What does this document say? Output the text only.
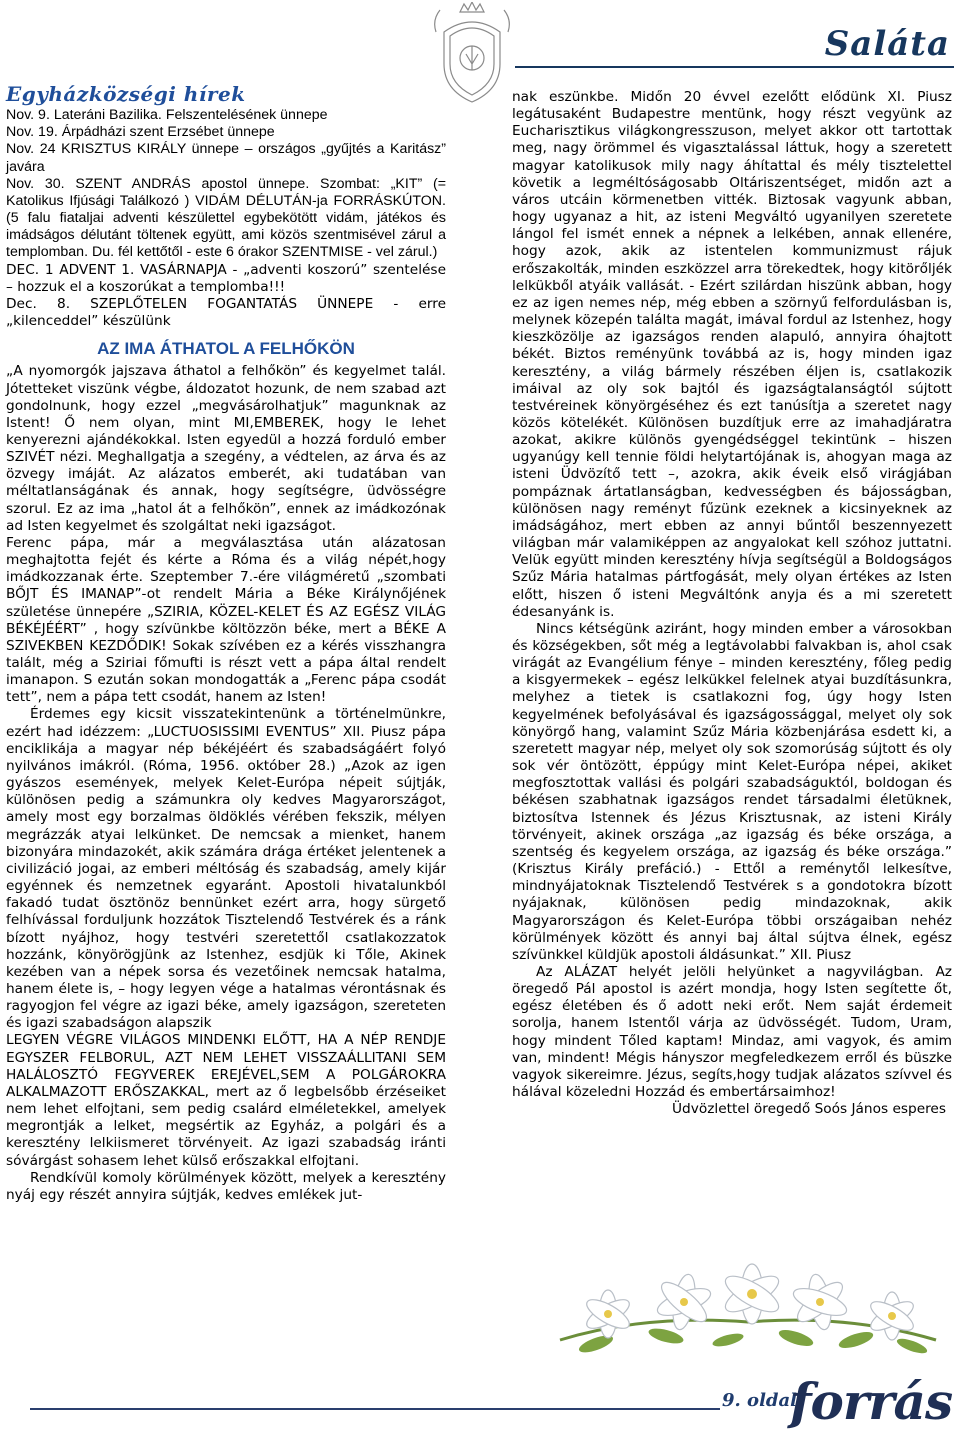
Saláta
Egyházközségi hírek

Nov. 9. Lateráni Bazilika. Felszentelésének ünnepe

Nov. 19. Árpádházi szent Erzsébet ünnepe

Nov. 24 KRISZTUS KIRÁLY ünnepe – országos „gyűjtés a Karitász” javára

Nov. 30. SZENT ANDRÁS apostol ünnepe. Szombat: „KIT” (= Katolikus Ifjúsági Találkozó ) VIDÁM DÉLUTÁN-ja FORRÁSKÚTON. (5 falu fiataljai adventi készülettel egybekötött vidám, játékos és imádságos délutánt töltenek együtt, ami közös szentmisével zárul a templomban. Du. fél kettőtől - este 6 órakor SZENTMISE - vel zárul.)

DEC. 1 ADVENT 1. VASÁRNAPJA - „adventi koszorú” szentelése – hozzuk el a koszorúkat a templomba!!!

Dec. 8. SZEPLŐTELEN FOGANTATÁS ÜNNEPE - erre „kilenceddel” készülünk

AZ IMA ÁTHATOL A FELHŐKÖN

„A nyomorgók jajszava áthatol a felhőkön” és kegyelmet talál. Jótetteket viszünk végbe, áldozatot hozunk, de nem szabad azt gondolnunk, hogy ezzel „megvásárolhatjuk” magunknak az Istent! Ő nem olyan, mint MI,EMBEREK, hogy le lehet kenyerezni ajándékokkal. Isten egyedül a hozzá forduló ember SZIVÉT nézi. Meghallgatja a szegény, a védtelen, az árva és az özvegy imáját. Az alázatos emberét, aki tudatában van méltatlanságának és annak, hogy segítségre, üdvösségre szorul. Ez az ima „hatol át a felhőkön”, ennek az imádkozónak ad Isten kegyelmet és szolgáltat neki igazságot.

Ferenc pápa, már a megválasztása után alázatosan meghajtotta fejét és kérte a Róma és a világ népét,hogy imádkozzanak érte. Szeptember 7.-ére világméretű „szombati BŐJT ÉS IMANAP”-ot rendelt Mária a Béke Királynőjének születése ünnepére „SZIRIA, KÖZEL-KELET ÉS AZ EGÉSZ VILÁG BÉKÉJÉÉRT” , hogy szívünkbe költözzön béke, mert a BÉKE A SZIVEKBEN KEZDŐDIK! Sokak szívében ez a kérés visszhangra talált, még a Sziriai főmufti is részt vett a pápa által rendelt imanapon. S ezután sokan mondogatták a „Ferenc pápa csodát tett”, nem a pápa tett csodát, hanem az Isten!

Érdemes egy kicsit visszatekintenünk a történelmünkre, ezért had idézzem: „LUCTUOSISSIMI EVENTUS” XII. Piusz pápa enciklikája a magyar nép békéjéért és szabadságáért folyó nyilvános imákról. (Róma, 1956. október 28.) „Azok az igen gyászos események, melyek Kelet-Európa népeit sújtják, különösen pedig a számunkra oly kedves Magyarországot, amely most egy borzalmas öldöklés vérében fekszik, mélyen megrázzák atyai lelkünket. De nemcsak a mienket, hanem bizonyára mindazokét, akik számára drága értéket jelentenek a civilizáció jogai, az emberi méltóság és szabadság, amely kijár egyénnek és nemzetnek egyaránt. Apostoli hivatalunkból fakadó tudat ösztönöz bennünket ezért arra, hogy sürgető felhívással forduljunk hozzátok Tisztelendő Testvérek és a ránk bízott nyájhoz, hogy testvéri szeretettől csatlakozzatok hozzánk, könyörögjünk az Istenhez, esdjük ki Tőle, Akinek kezében van a népek sorsa és vezetőinek nemcsak hatalma, hanem élete is, – hogy legyen vége a hatalmas vérontásnak és ragyogjon fel végre az igazi béke, amely igazságon, szereteten és igazi szabadságon alapszik

LEGYEN VÉGRE VILÁGOS MINDENKI ELŐTT, HA A NÉP RENDJE EGYSZER FELBORUL, AZT NEM LEHET VISSZAÁLLITANI SEM HALÁLOSZTÓ FEGYVEREK EREJÉVEL,SEM A POLGÁROKRA ALKALMAZOTT ERŐSZAKKAL, mert az ő legbelsőbb érzéseiket nem lehet elfojtani, sem pedig csalárd elméletekkel, amelyek megrontják a lelket, megsértik az Egyház, a polgári és a keresztény lelkiismeret törvényeit. Az igazi szabadság iránti sóvárgást sohasem lehet külső erőszakkal elfojtani.

Rendkívül komoly körülmények között, melyek a keresztény nyáj egy részét annyira sújtják, kedves emlékek jut-

nak eszünkbe. Midőn 20 évvel ezelőtt elődünk XI. Piusz legátusaként Budapestre mentünk, hogy részt vegyünk az Eucharisztikus világkongresszuson, melyet akkor ott tartottak meg, nagy örömmel és vigasztalással láttuk, hogy a szeretett magyar katolikusok mily nagy áhítattal és mély tisztelettel követik a legméltóságosabb Oltáriszentséget, midőn azt a város utcáin körmenetben vitték. Biztosak vagyunk abban, hogy ugyanaz a hit, az isteni Megváltó ugyanilyen szeretete lángol fel ismét ennek a népnek a lelkében, annak ellenére, hogy azok, akik az istentelen kommunizmust rájuk erőszakolták, minden eszközzel arra törekedtek, hogy kitörőljék lelkükből atyáik vallását. - Ezért szilárdan hiszünk abban, hogy ez az igen nemes nép, még ebben a szörnyű felfordulásban is, melynek közepén találta magát, imával fordul az Istenhez, hogy kieszközölje az igazságos renden alapuló, annyira óhajtott békét. Biztos reményünk továbbá az is, hogy minden igaz keresztény, a világ bármely részében éljen is, csatlakozik imáival az oly sok bajtól és igazságtalanságtól sújtott testvéreinek könyörgéséhez és ezt tanúsítja a szeretet nagy közös kötelékét. Különösen buzdítjuk erre az imahadjáratra azokat, akikre különös gyengédséggel tekintünk – hiszen ugyanúgy kell tennie földi helytartójának is, ahogyan maga az isteni Üdvözítő tett –, azokra, akik éveik első virágjában pompáznak ártatlanságban, kedvességben és bájosságban, különösen nagy reményt fűzünk ezeknek a kicsinyeknek az imádságához, mert ebben az annyi bűntől beszennyezett világban már valamiképpen az angyalokat kell szóhoz juttatni. Velük együtt minden keresztény hívja segítségül a Boldogságos Szűz Mária hatalmas pártfogását, mely olyan értékes az Isten előtt, hiszen ő isteni Megváltónk anyja és a mi szeretett édesanyánk is.

Nincs kétségünk aziránt, hogy minden ember a városokban és községekben, sőt még a legtávolabbi falvakban is, ahol csak virágát az Evangélium fénye – minden keresztény, főleg pedig a kisgyermekek – egész lelkükkel felelnek atyai buzdításunkra, melyhez a tietek is csatlakozni fog, úgy hogy Isten kegyelmének befolyásával és igazságossággal, melyet oly sok könyörgő hang, valamint Szűz Mária közbenjárása esdett ki, a szeretett magyar nép, melyet oly sok szomorúság sújtott és oly sok vér öntözött, éppúgy mint Kelet-Európa népei, akiket megfosztottak vallási és polgári szabadságuktól, boldogan és békésen szabhatnak igazságos rendet társadalmi életüknek, biztosítva Istennek és Jézus Krisztusnak, az isteni Király törvényeit, akinek országa „az igazság és béke országa, a szentség és kegyelem országa, az igazság és béke országa.” (Krisztus Király prefáció.) - Ettől a reménytől lelkesítve, mindnyájatoknak Tisztelendő Testvérek s a gondotokra bízott nyájaknak, különösen pedig mindazoknak, akik Magyarországon és Kelet-Európa többi országaiban nehéz körülmények között és annyi baj által sújtva élnek, egész szívünkkel küldjük apostoli áldásunkat.” XII. Piusz

Az ALÁZAT helyét jelöli helyünket a nagyvilágban. Az öregedő Pál apostol is azért mondja, hogy Isten segítette őt, egész életében és ő adott neki erőt. Nem saját érdemeit sorolja, hanem Istentől várja az üdvösségét. Tudom, Uram, hogy mindent Tőled kaptam! Mindaz, ami vagyok, és amim van, mindent! Mégis hányszor megfeledkezem erről és büszke vagyok sikereimre. Jézus, segíts,hogy tudjak alázatos szívvel és hálával közeledni Hozzád és embertársaimhoz!

Üdvözlettel öregedő Soós János esperes

9. oldal
forrás
